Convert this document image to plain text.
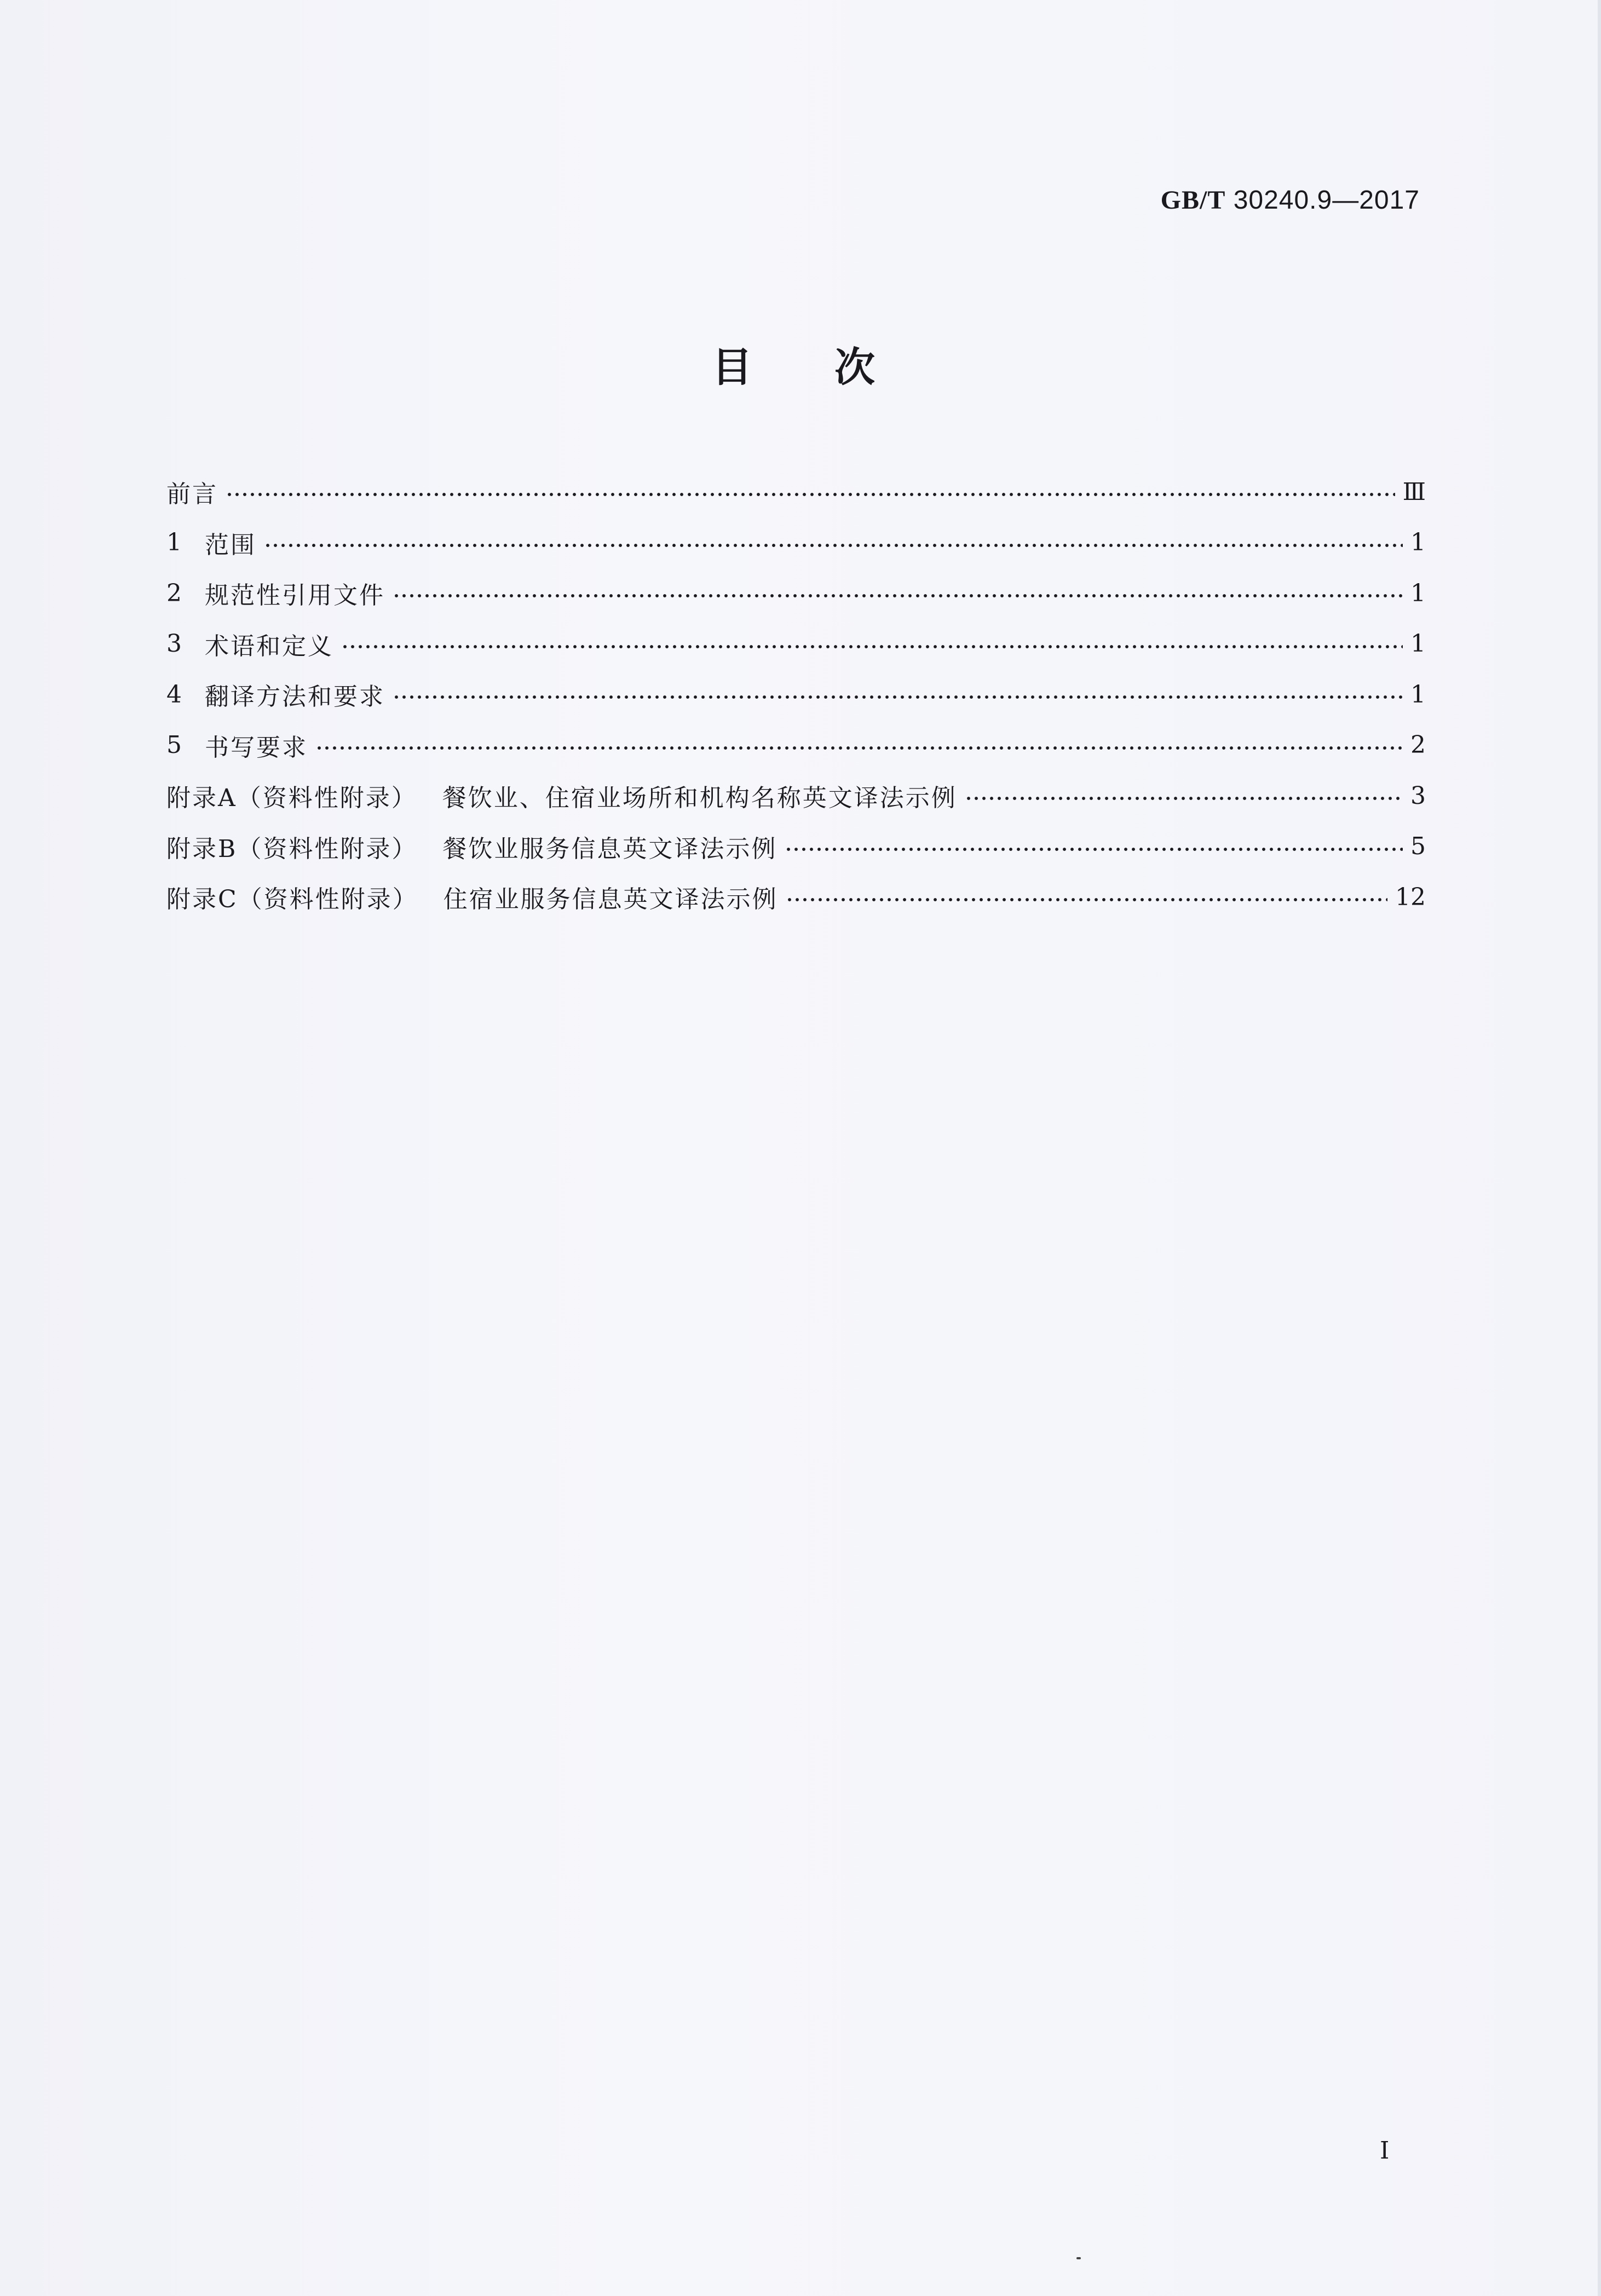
GB/T 30240.9—2017
目次
前言	Ⅲ
1 范围	1
2 规范性引用文件	1
3 术语和定义	1
4 翻译方法和要求	1
5 书写要求	2
附录A（资料性附录） 餐饮业、住宿业场所和机构名称英文译法示例	3
附录B（资料性附录） 餐饮业服务信息英文译法示例	5
附录C（资料性附录） 住宿业服务信息英文译法示例	12
I
